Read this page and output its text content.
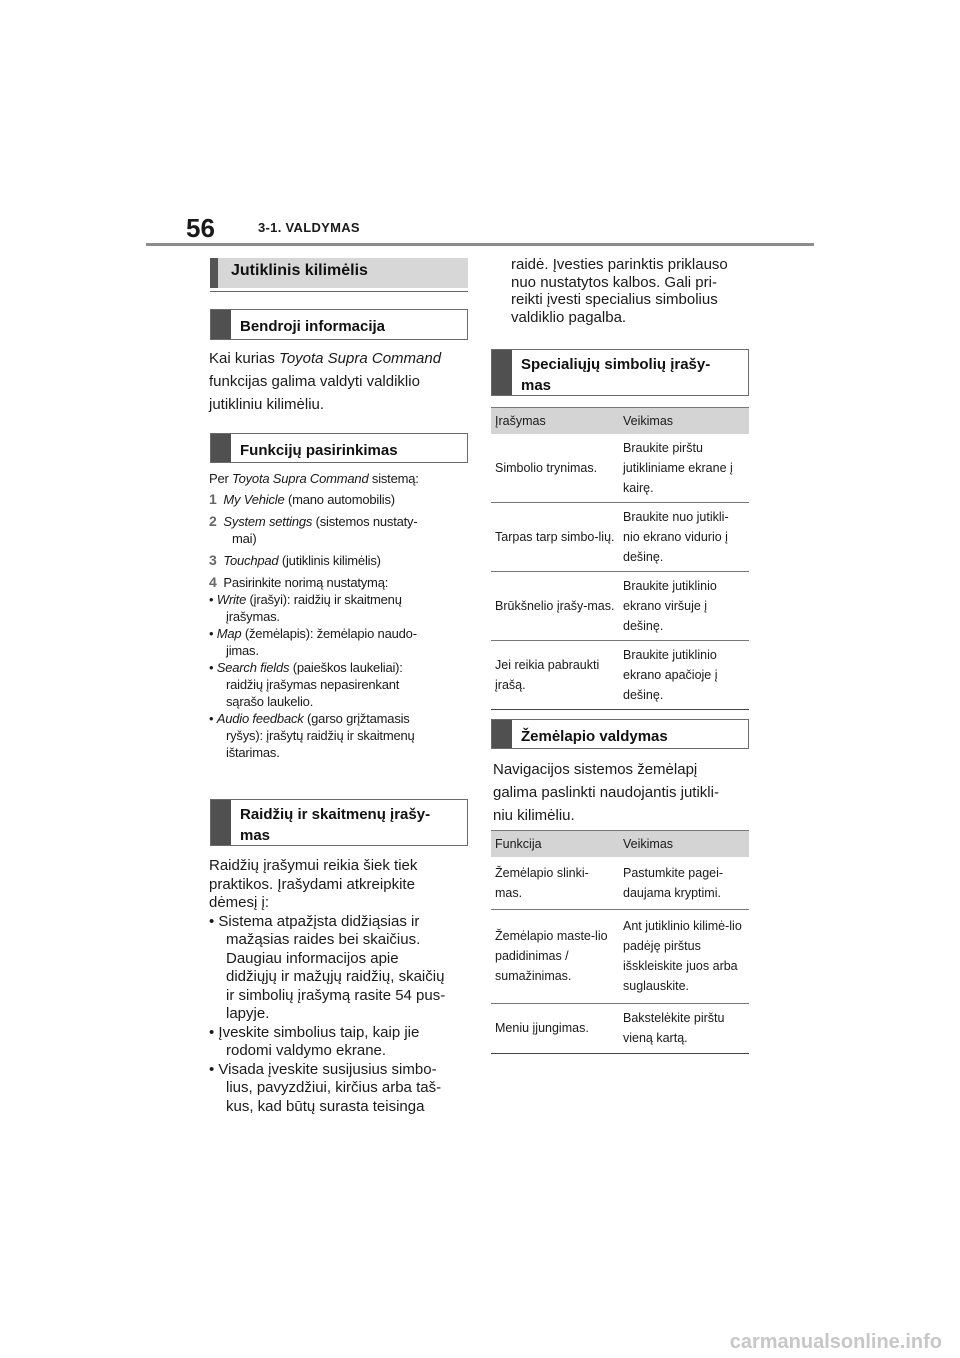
56	3-1. VALDYMAS
Jutiklinis kilimėlis
Bendroji informacija
Kai kurias Toyota Supra Command
funkcijas galima valdyti valdiklio
jutikliniu kilimėliu.
Funkcijų pasirinkimas
Per Toyota Supra Command sistemą:
1 My Vehicle (mano automobilis)
2 System settings (sistemos nustaty-
mai)
3 Touchpad (jutiklinis kilimėlis)
4 Pasirinkite norimą nustatymą:
• Write (įrašyi): raidžių ir skaitmenų
įrašymas.
• Map (žemėlapis): žemėlapio naudo-
jimas.
• Search fields (paieškos laukeliai):
raidžių įrašymas nepasirenkant
sąrašo laukelio.
• Audio feedback (garso grįžtamasis
ryšys): įrašytų raidžių ir skaitmenų
ištarimas.
Raidžių ir skaitmenų įrašy-mas
Raidžių įrašymui reikia šiek tiek
praktikos. Įrašydami atkreipkite
dėmesį į:
• Sistema atpažįsta didžiąsias ir
mažąsias raides bei skaičius.
Daugiau informacijos apie
didžiųjų ir mažųjų raidžių, skaičių
ir simbolių įrašymą rasite 54 pus-
lapyje.
• Įveskite simbolius taip, kaip jie
rodomi valdymo ekrane.
• Visada įveskite susijusius simbo-
lius, pavyzdžiui, kirčius arba taš-
kus, kad būtų surasta teisinga
raidė. Įvesties parinktis priklauso
nuo nustatytos kalbos. Gali pri-
reikti įvesti specialius simbolius
valdiklio pagalba.
Specialiųjų simbolių įrašy-mas
Įrašymas	Veikimas
Simbolio trynimas.	Braukite pirštu jutikliniame ekrane į kairę.
Tarpas tarp simbo-lių.	Braukite nuo jutikli-nio ekrano vidurio į dešinę.
Brūkšnelio įrašy-mas.	Braukite jutiklinio ekrano viršuje į dešinę.
Jei reikia pabraukti įrašą.	Braukite jutiklinio ekrano apačioje į dešinę.
Žemėlapio valdymas
Navigacijos sistemos žemėlapį
galima paslinkti naudojantis jutikli-
niu kilimėliu.
Funkcija	Veikimas
Žemėlapio slinki-mas.	Pastumkite pagei-daujama kryptimi.
Žemėlapio maste-lio padidinimas / sumažinimas.	Ant jutiklinio kilimė-lio padėję pirštus išskleiskite juos arba suglauskite.
Meniu įjungimas.	Bakstelėkite pirštu vieną kartą.
carmanualsonline.info
